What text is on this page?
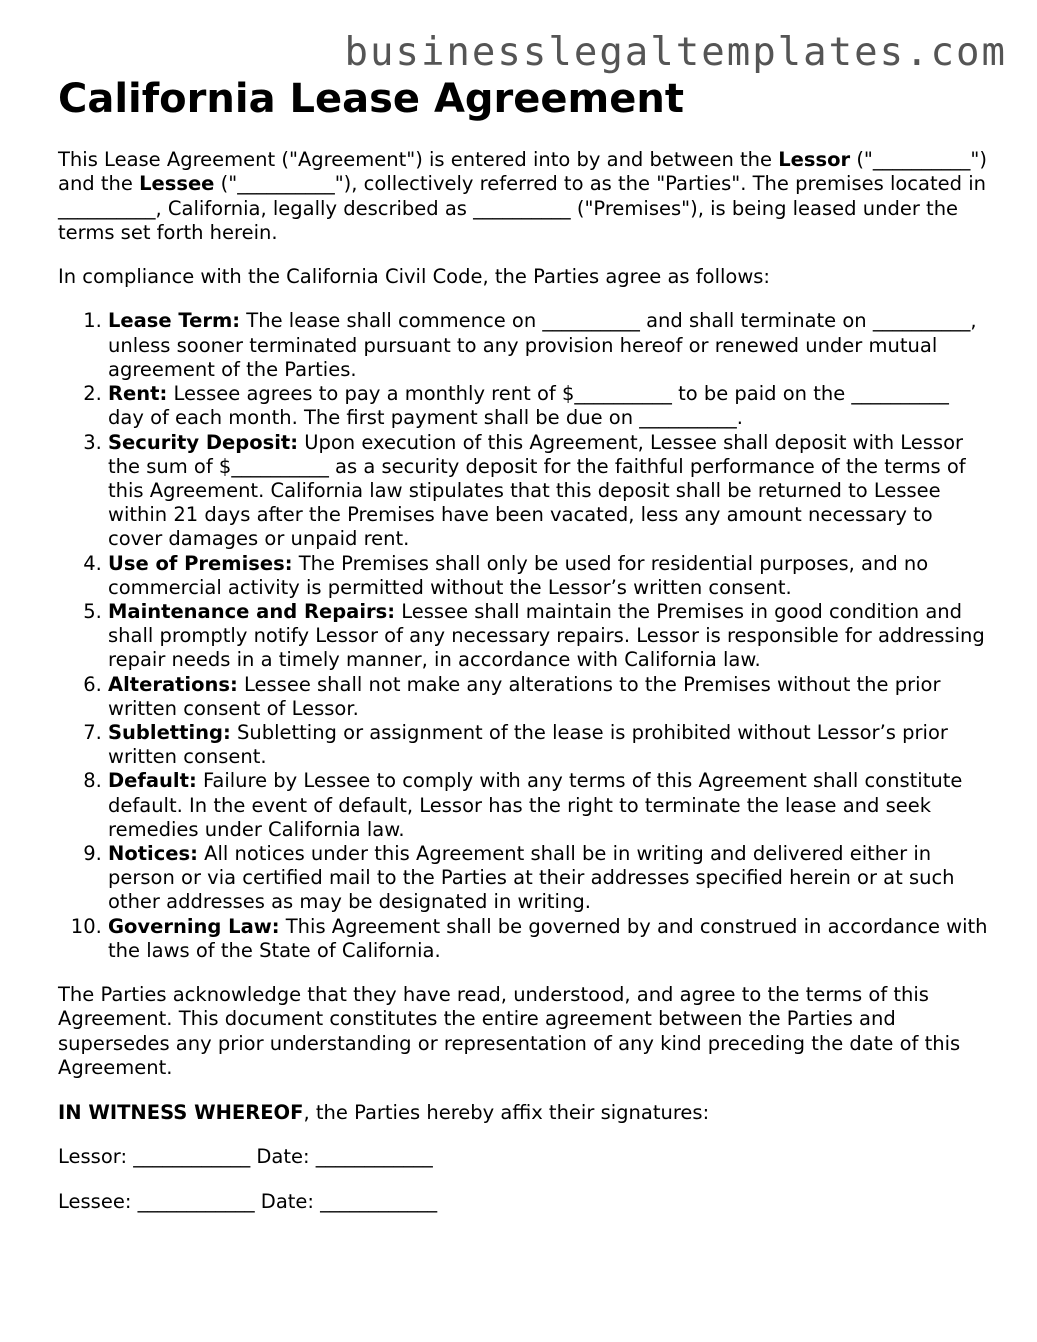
businesslegaltemplates.com
California Lease Agreement

This Lease Agreement ("Agreement") is entered into by and between the Lessor ("__________") and the Lessee ("__________"), collectively referred to as the "Parties". The premises located in __________, California, legally described as __________ ("Premises"), is being leased under the terms set forth herein.

In compliance with the California Civil Code, the Parties agree as follows:

1. Lease Term: The lease shall commence on __________ and shall terminate on __________, unless sooner terminated pursuant to any provision hereof or renewed under mutual agreement of the Parties.
2. Rent: Lessee agrees to pay a monthly rent of $__________ to be paid on the __________ day of each month. The first payment shall be due on __________.
3. Security Deposit: Upon execution of this Agreement, Lessee shall deposit with Lessor the sum of $__________ as a security deposit for the faithful performance of the terms of this Agreement. California law stipulates that this deposit shall be returned to Lessee within 21 days after the Premises have been vacated, less any amount necessary to cover damages or unpaid rent.
4. Use of Premises: The Premises shall only be used for residential purposes, and no commercial activity is permitted without the Lessor’s written consent.
5. Maintenance and Repairs: Lessee shall maintain the Premises in good condition and shall promptly notify Lessor of any necessary repairs. Lessor is responsible for addressing repair needs in a timely manner, in accordance with California law.
6. Alterations: Lessee shall not make any alterations to the Premises without the prior written consent of Lessor.
7. Subletting: Subletting or assignment of the lease is prohibited without Lessor’s prior written consent.
8. Default: Failure by Lessee to comply with any terms of this Agreement shall constitute default. In the event of default, Lessor has the right to terminate the lease and seek remedies under California law.
9. Notices: All notices under this Agreement shall be in writing and delivered either in person or via certified mail to the Parties at their addresses specified herein or at such other addresses as may be designated in writing.
10. Governing Law: This Agreement shall be governed by and construed in accordance with the laws of the State of California.

The Parties acknowledge that they have read, understood, and agree to the terms of this Agreement. This document constitutes the entire agreement between the Parties and supersedes any prior understanding or representation of any kind preceding the date of this Agreement.

IN WITNESS WHEREOF, the Parties hereby affix their signatures:

Lessor: ____________ Date: ____________

Lessee: ____________ Date: ____________
